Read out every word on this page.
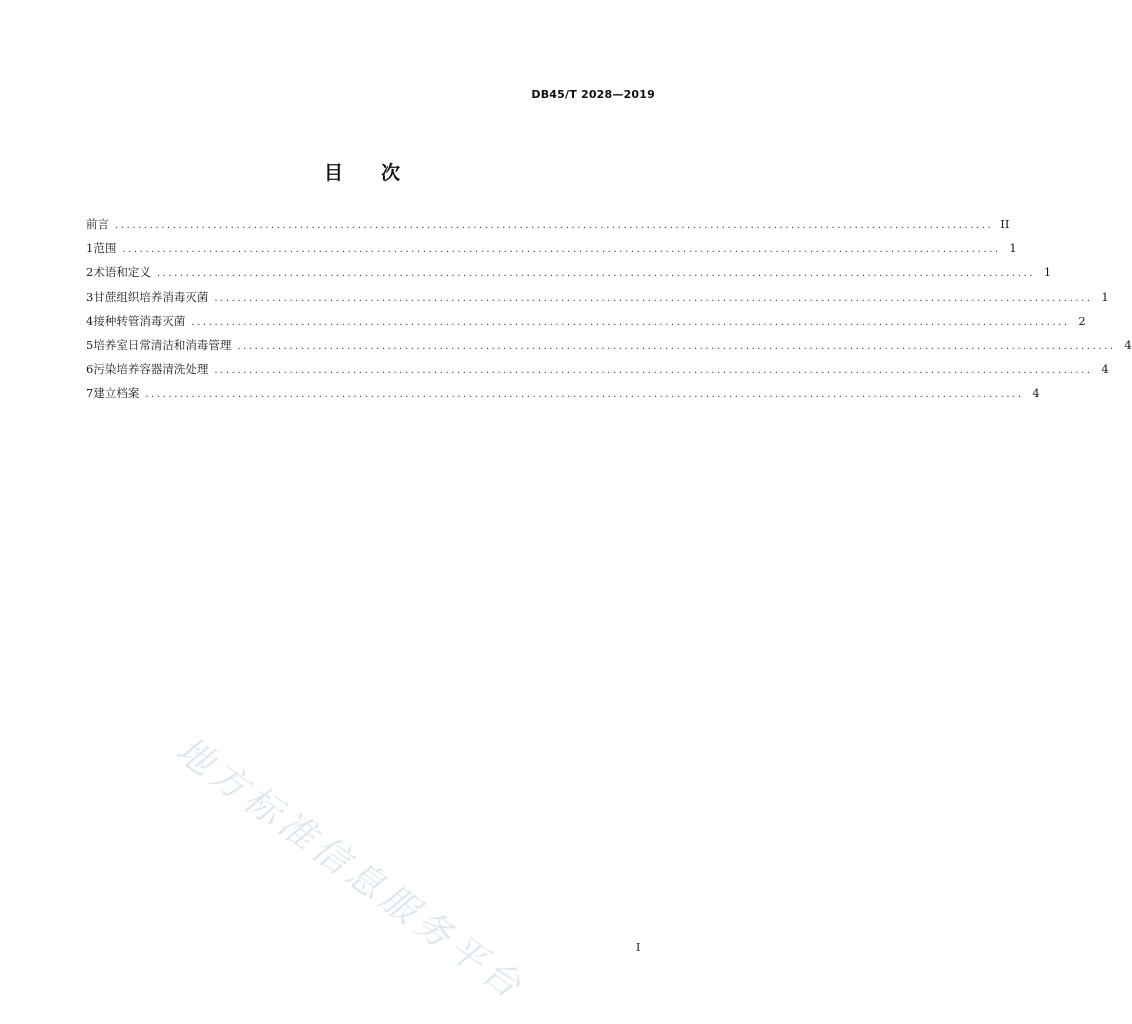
DB45/T 2028—2019
目 次
前言 ........................................................................................................................................................ II
1 范围 ........................................................................................................................................................ 1
2 术语和定义 ........................................................................................................................................................ 1
3 甘蔗组织培养消毒灭菌 ........................................................................................................................................................ 1
4 接种转管消毒灭菌 ........................................................................................................................................................ 2
5 培养室日常清洁和消毒管理 ........................................................................................................................................................ 4
6 污染培养容器清洗处理 ........................................................................................................................................................ 4
7 建立档案 ........................................................................................................................................................ 4
地方标准信息服务平台	I
